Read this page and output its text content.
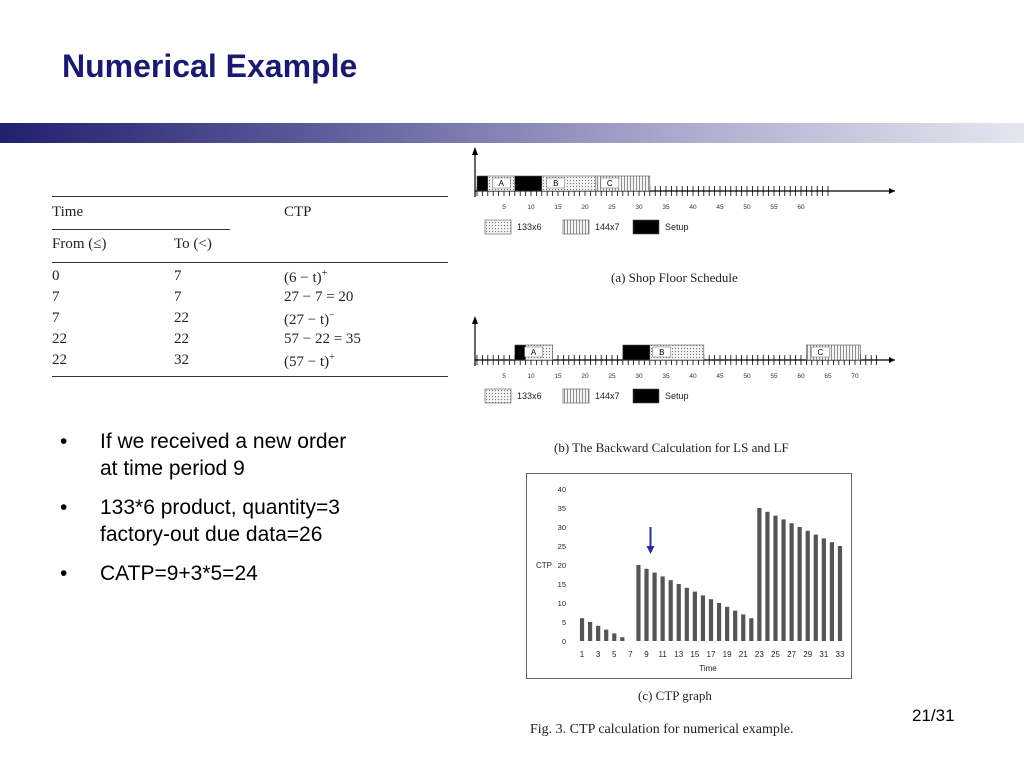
Numerical Example
Time	CTP
From (≤)	To (<)
0	7	(6 − t)+
7	7	27 − 7 = 20
7	22	(27 − t)−
22	22	57 − 22 = 35
22	32	(57 − t)+
5	10	15	20	25	30	35	40	45	50	55	60
A	B	C
133x6	144x7	Setup
5	10	15	20	25	30	35	40	45	50	55	60	65	70
A	B	C
133x6	144x7	Setup
(a) Shop Floor Schedule
(b) The Backward Calculation for LS and LF
CTP
Time
40
35
30
25
20
15
10
5
0
1 3 5 7 9 11 13 15 17 19 21 23 25 27 29 31 33
(c) CTP graph
Fig. 3. CTP calculation for numerical example.
• If we received a new order
at time period 9
• 133*6 product, quantity=3
factory-out due data=26
• CATP=9+3*5=24
21/31
